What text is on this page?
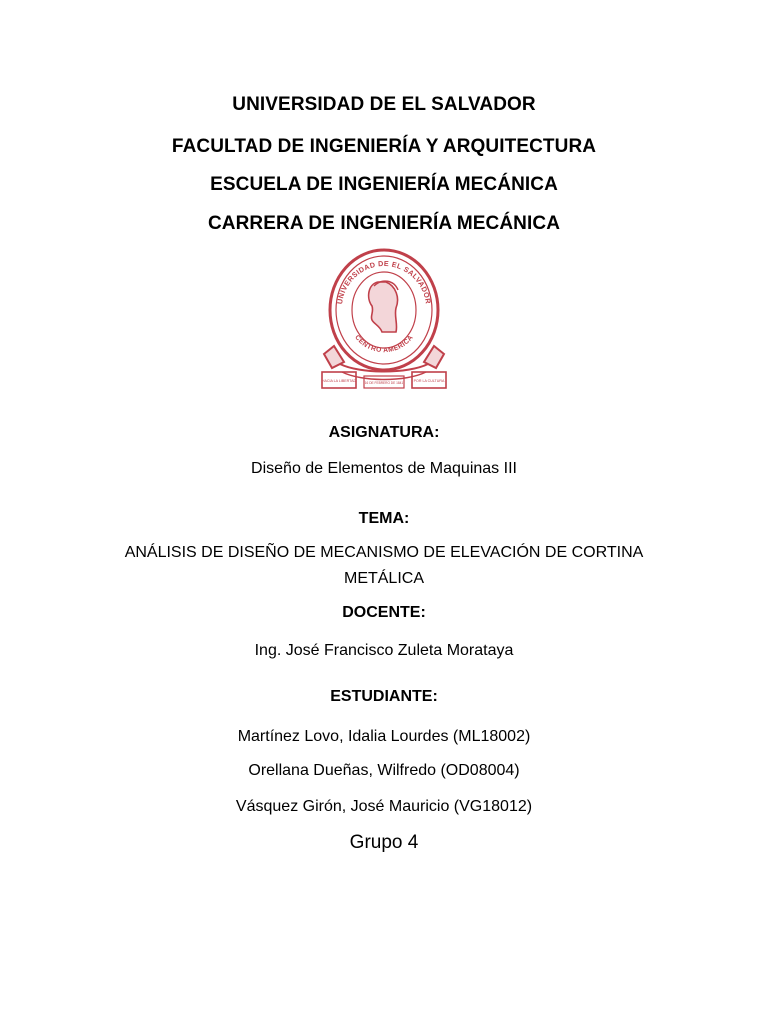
UNIVERSIDAD DE EL SALVADOR
FACULTAD DE INGENIERÍA Y ARQUITECTURA
ESCUELA DE INGENIERÍA MECÁNICA
CARRERA DE INGENIERÍA MECÁNICA
UNIVERSIDAD DE EL SALVADOR
CENTRO AMERICA
HACIA LA LIBERTAD	POR LA CULTURA
16 DE FEBRERO DE 1841
ASIGNATURA:
Diseño de Elementos de Maquinas III
TEMA:
ANÁLISIS DE DISEÑO DE MECANISMO DE ELEVACIÓN DE CORTINA
METÁLICA
DOCENTE:
Ing. José Francisco Zuleta Morataya
ESTUDIANTE:
Martínez Lovo, Idalia Lourdes (ML18002)
Orellana Dueñas, Wilfredo (OD08004)
Vásquez Girón, José Mauricio (VG18012)
Grupo 4
